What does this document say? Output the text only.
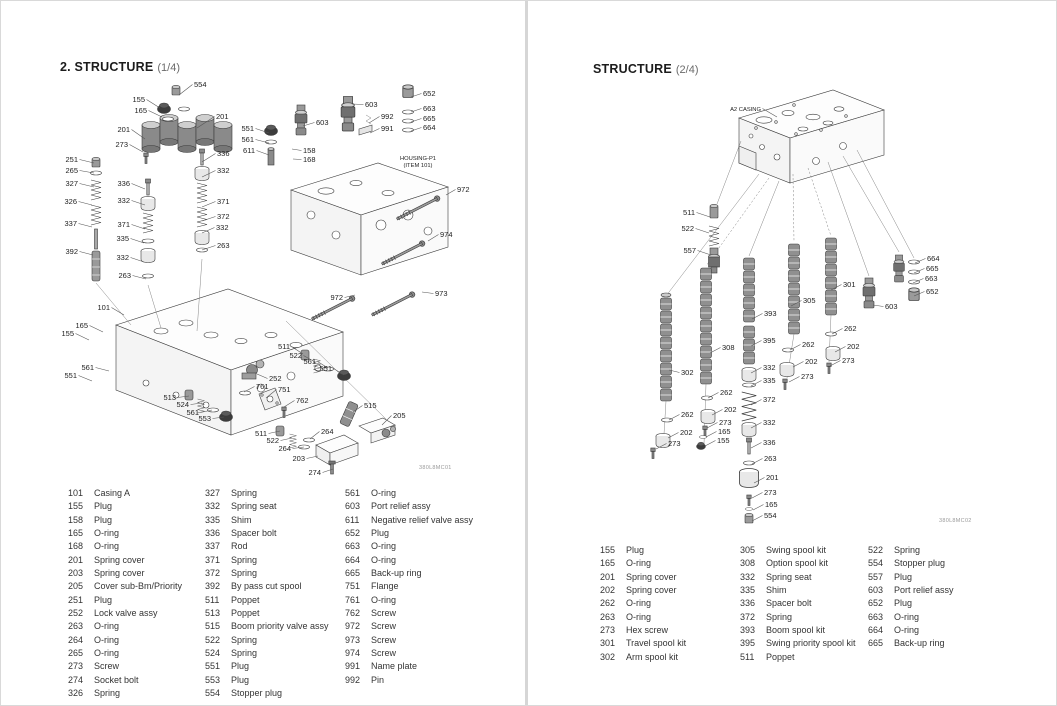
2. STRUCTURE (1/4)
554
155
165
201
201
273
336
251
265	332
327	336
326	332	371
372
337	371	332
335
392
332
263
263
101
165
155
561
551
551
561
611
603
158
168
603
992
991
652
663
665
664
HOUSING-P1
(ITEM 101)
972
974
973
972
513
524
561
553
511
522
561
551
252
761 751
762
511
522
264
264
203
274
515
205
101 Casing A
155 Plug
158 Plug
165 O-ring
168 O-ring
201 Spring cover
203 Spring cover
205 Cover sub-Bm/Priority
251 Plug
252 Lock valve assy
263 O-ring
264 O-ring
265 O-ring
273 Screw
274 Socket bolt
326 Spring
327 Spring
332 Spring seat
335 Shim
336 Spacer bolt
337 Rod
371 Spring
372 Spring
392 By pass cut spool
511 Poppet
513 Poppet
515 Boom priority valve assy
522 Spring
524 Spring
551 Plug
553 Plug
554 Stopper plug
561 O-ring
603 Port relief assy
611 Negative relief valve assy
652 Plug
663 O-ring
664 O-ring
665 Back-up ring
751 Flange
761 O-ring
762 Screw
972 Screw
973 Screw
974 Screw
991 Name plate
992 Pin
380L8MC01
STRUCTURE (2/4)
A2 CASING
511
522
557
664
665
663
652
301
603
305
393
395
308	262
202
273
262
202
273
302
262
202
273
165
155
262
202
273
332
335
372
332
336
263
201
273
165
554
155 Plug
165 O-ring
201 Spring cover
202 Spring cover
262 O-ring
263 O-ring
273 Hex screw
301 Travel spool kit
302 Arm spool kit
305 Swing spool kit
308 Option spool kit
332 Spring seat
335 Shim
336 Spacer bolt
372 Spring
393 Boom spool kit
395 Swing priority spool kit
511 Poppet
522 Spring
554 Stopper plug
557 Plug
603 Port relief assy
652 Plug
663 O-ring
664 O-ring
665 Back-up ring
380L8MC02
